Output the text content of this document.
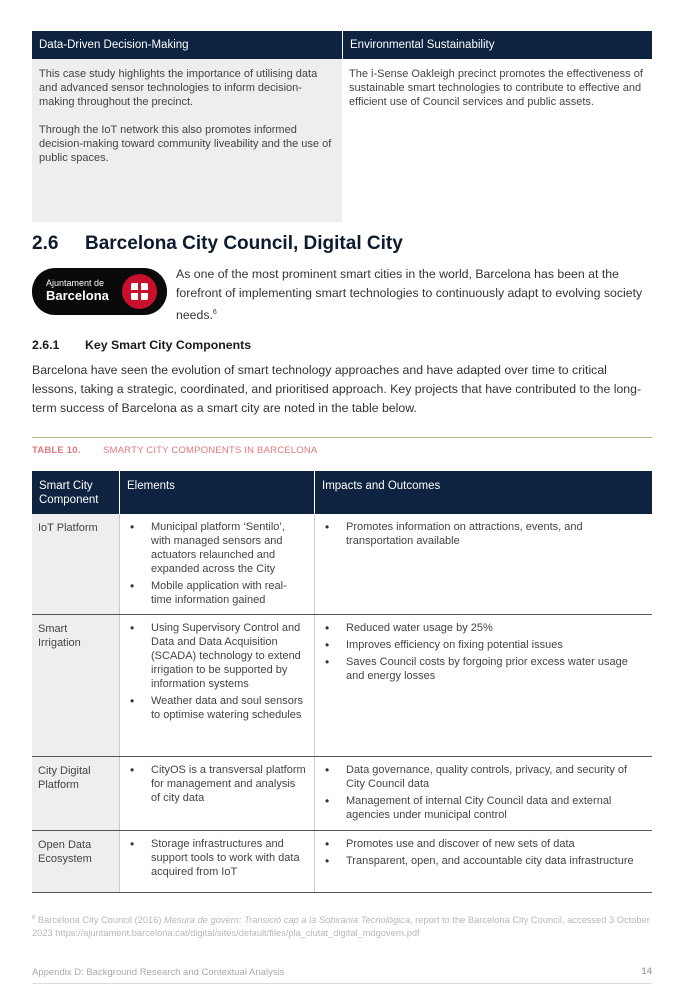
Data-Driven Decision-Making	Environmental Sustainability

This case study highlights the importance of utilising data and advanced sensor technologies to inform decision-making throughout the precinct.

Through the IoT network this also promotes informed decision-making toward community liveability and the use of public spaces.

The i-Sense Oakleigh precinct promotes the effectiveness of sustainable smart technologies to contribute to effective and efficient use of Council services and public assets.

2.6 Barcelona City Council, Digital City
Ajuntament de
Barcelona
As one of the most prominent smart cities in the world, Barcelona has been at the forefront of implementing smart technologies to continuously adapt to evolving society needs.$^6$
2.6.1 Key Smart City Components
Barcelona have seen the evolution of smart technology approaches and have adapted over time to critical lessons, taking a strategic, coordinated, and prioritised approach. Key projects that have contributed to the long-term success of Barcelona as a smart city are noted in the table below.
TABLE 10. SMARTY CITY COMPONENTS IN BARCELONA
Smart City Component
Elements	Impacts and Outcomes
IoT Platform
•	Municipal platform ‘Sentilo’, with managed sensors and actuators relaunched and expanded across the City
• Mobile application with real-time information gained
• Promotes information on attractions, events, and transportation available
Smart Irrigation
• Using Supervisory Control and Data and Data Acquisition (SCADA) technology to extend irrigation to be supported by information systems
• Weather data and soul sensors to optimise watering schedules
• Reduced water usage by 25%
• Improves efficiency on fixing potential issues
• Saves Council costs by forgoing prior excess water usage and energy losses
City Digital Platform
• CityOS is a transversal platform for management and analysis of city data
• Data governance, quality controls, privacy, and security of City Council data
• Management of internal City Council data and external agencies under municipal control
Open Data Ecosystem
• Storage infrastructures and support tools to work with data acquired from IoT
• Promotes use and discover of new sets of data
• Transparent, open, and accountable city data infrastructure
$^6$ Barcelona City Council (2016) Mesura de govern: Transició cap a la Sobirania Tecnològica, report to the Barcelona City Council, accessed 3 October 2023 https://ajuntament.barcelona.cat/digital/sites/default/files/pla_ciutat_digital_mdgovern.pdf
Appendix D: Background Research and Contextual Analysis	14
